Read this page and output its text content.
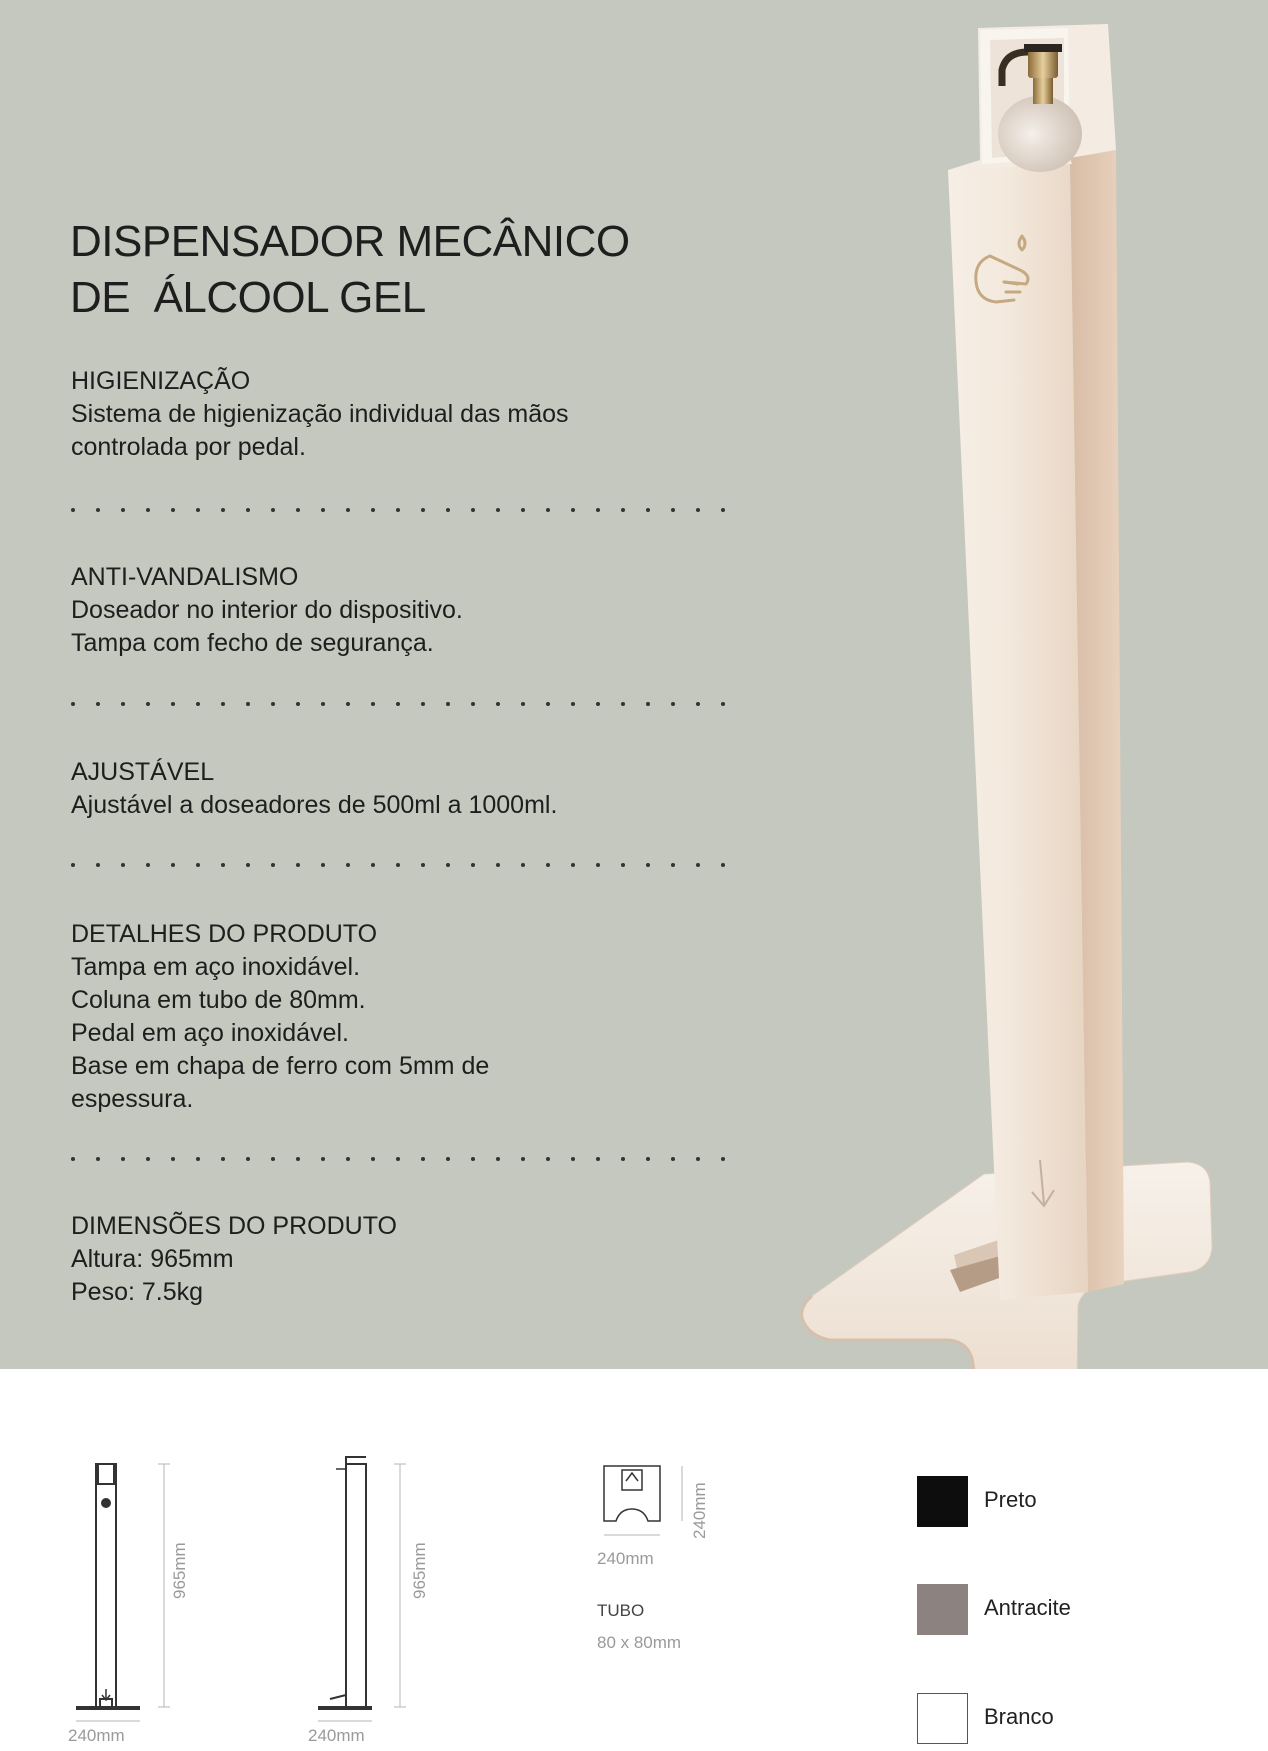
DISPENSADOR MECÂNICO
DE  ÁLCOOL GEL
HIGIENIZAÇÃO
Sistema de higienização individual das mãos
controlada por pedal.
ANTI-VANDALISMO
Doseador no interior do dispositivo.
Tampa com fecho de segurança.
AJUSTÁVEL
Ajustável a doseadores de 500ml a 1000ml.
DETALHES DO PRODUTO
Tampa em aço inoxidável.
Coluna em tubo de 80mm.
Pedal em aço inoxidável.
Base em chapa de ferro com 5mm de
espessura.
DIMENSÕES DO PRODUTO
Altura: 965mm
Peso: 7.5kg
965mm
240mm
965mm
240mm
240mm
240mm
TUBO
80 x 80mm
Preto
Antracite
Branco
